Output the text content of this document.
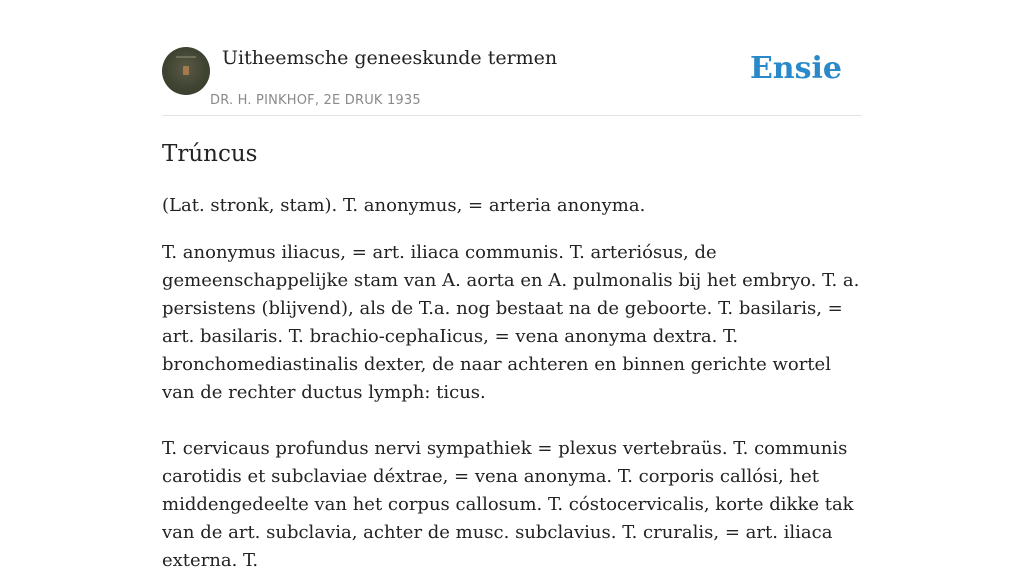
Uitheemsche geneeskunde termen
DR. H. PINKHOF, 2E DRUK 1935
Ensie
Trúncus

(Lat. stronk, stam). T. anonymus, = arteria anonyma.

T. anonymus iliacus, = art. iliaca communis. T. arteriósus, de gemeenschappelijke stam van A. aorta en A. pulmonalis bij het embryo. T. a. persistens (blijvend), als de T.a. nog bestaat na de geboorte. T. basilaris, = art. basilaris. T. brachio-cephaIicus, = vena anonyma dextra. T. bronchomediastinalis dexter, de naar achteren en binnen gerichte wortel van de rechter ductus lymph: ticus.

T. cervicaus profundus nervi sympathiek = plexus vertebraüs. T. communis carotidis et subclaviae déxtrae, = vena anonyma. T. corporis callósi, het middengedeelte van het corpus callosum. T. cóstocervicalis, korte dikke tak van de art. subclavia, achter de musc. subclavius. T. cruralis, = art. iliaca externa. T.
